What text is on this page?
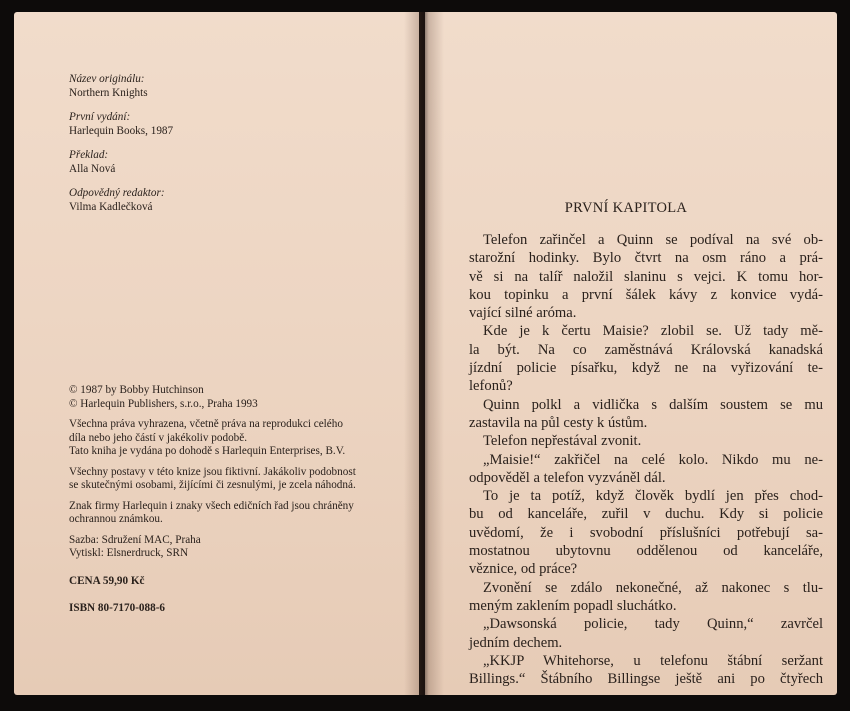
Název originálu:
Northern Knights
První vydání:
Harlequin Books, 1987
Překlad:
Alla Nová
Odpovědný redaktor:
Vilma Kadlečková

© 1987 by Bobby Hutchinson
© Harlequin Publishers, s.r.o., Praha 1993

Všechna práva vyhrazena, včetně práva na reprodukci celého
díla nebo jeho částí v jakékoliv podobě.
Tato kniha je vydána po dohodě s Harlequin Enterprises, B.V.

Všechny postavy v této knize jsou fiktivní. Jakákoliv podobnost
se skutečnými osobami, žijícími či zesnulými, je zcela náhodná.

Znak firmy Harlequin i znaky všech edičních řad jsou chráněny
ochrannou známkou.

Sazba: Sdružení MAC, Praha
Vytiskl: Elsnerdruck, SRN

CENA 59,90 Kč

ISBN 80-7170-088-6

PRVNÍ KAPITOLA
Telefon zařinčel a Quinn se podíval na své ob-
starožní hodinky. Bylo čtvrt na osm ráno a prá-
vě si na talíř naložil slaninu s vejci. K tomu hor-
kou topinku a první šálek kávy z konvice vydá-
vající silné aróma.
Kde je k čertu Maisie? zlobil se. Už tady mě-
la být. Na co zaměstnává Královská kanadská
jízdní policie písařku, když ne na vyřizování te-
lefonů?
Quinn polkl a vidlička s dalším soustem se mu
zastavila na půl cesty k ústům.
Telefon nepřestával zvonit.
„Maisie!“ zakřičel na celé kolo. Nikdo mu ne-
odpověděl a telefon vyzváněl dál.
To je ta potíž, když člověk bydlí jen přes chod-
bu od kanceláře, zuřil v duchu. Kdy si policie
uvědomí, že i svobodní příslušníci potřebují sa-
mostatnou ubytovnu oddělenou od kanceláře,
věznice, od práce?
Zvonění se zdálo nekonečné, až nakonec s tlu-
meným zaklením popadl sluchátko.
„Dawsonská policie, tady Quinn,“ zavrčel
jedním dechem.
„KKJP Whitehorse, u telefonu štábní seržant
Billings.“ Štábního Billingse ještě ani po čtyřech
